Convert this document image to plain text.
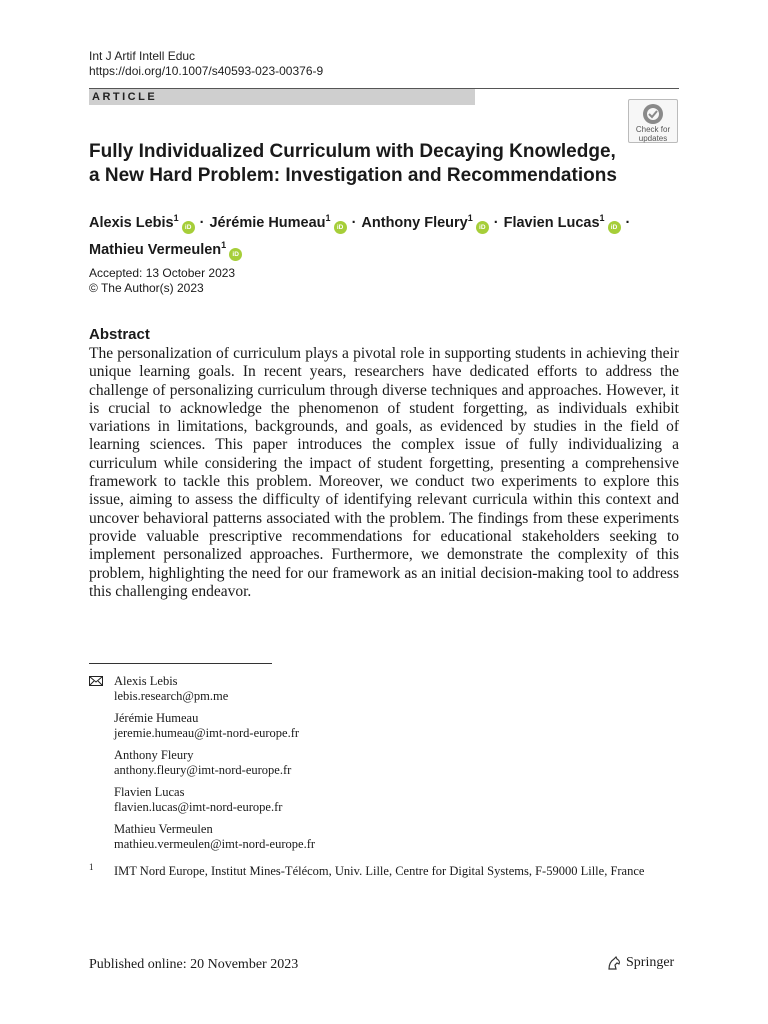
Int J Artif Intell Educ
https://doi.org/10.1007/s40593-023-00376-9
ARTICLE
Check for
updates
Fully Individualized Curriculum with Decaying Knowledge,
a New Hard Problem: Investigation and Recommendations
Alexis Lebis$^1$iD · Jérémie Humeau$^1$iD · Anthony Fleury$^1$iD · Flavien Lucas$^1$iD ·
Mathieu Vermeulen$^1$iD
Accepted: 13 October 2023
© The Author(s) 2023
Abstract
The personalization of curriculum plays a pivotal role in supporting students in achieving their unique learning goals. In recent years, researchers have dedicated efforts to address the challenge of personalizing curriculum through diverse techniques and approaches. However, it is crucial to acknowledge the phenomenon of student forgetting, as individuals exhibit variations in limitations, backgrounds, and goals, as evidenced by studies in the field of learning sciences. This paper introduces the complex issue of fully individualizing a curriculum while considering the impact of student forgetting, presenting a comprehensive framework to tackle this problem. Moreover, we conduct two experiments to explore this issue, aiming to assess the difficulty of identifying relevant curricula within this context and uncover behavioral patterns associated with the problem. The findings from these experiments provide valuable prescriptive recommendations for educational stakeholders seeking to implement personalized approaches. Furthermore, we demonstrate the complexity of this problem, highlighting the need for our framework as an initial decision-making tool to address this challenging endeavor.
Alexis Lebis
lebis.research@pm.me
Jérémie Humeau
jeremie.humeau@imt-nord-europe.fr
Anthony Fleury
anthony.fleury@imt-nord-europe.fr
Flavien Lucas
flavien.lucas@imt-nord-europe.fr
Mathieu Vermeulen
mathieu.vermeulen@imt-nord-europe.fr
1	IMT Nord Europe, Institut Mines-Télécom, Univ. Lille, Centre for Digital Systems, F-59000 Lille, France
Published online: 20 November 2023	Springer
